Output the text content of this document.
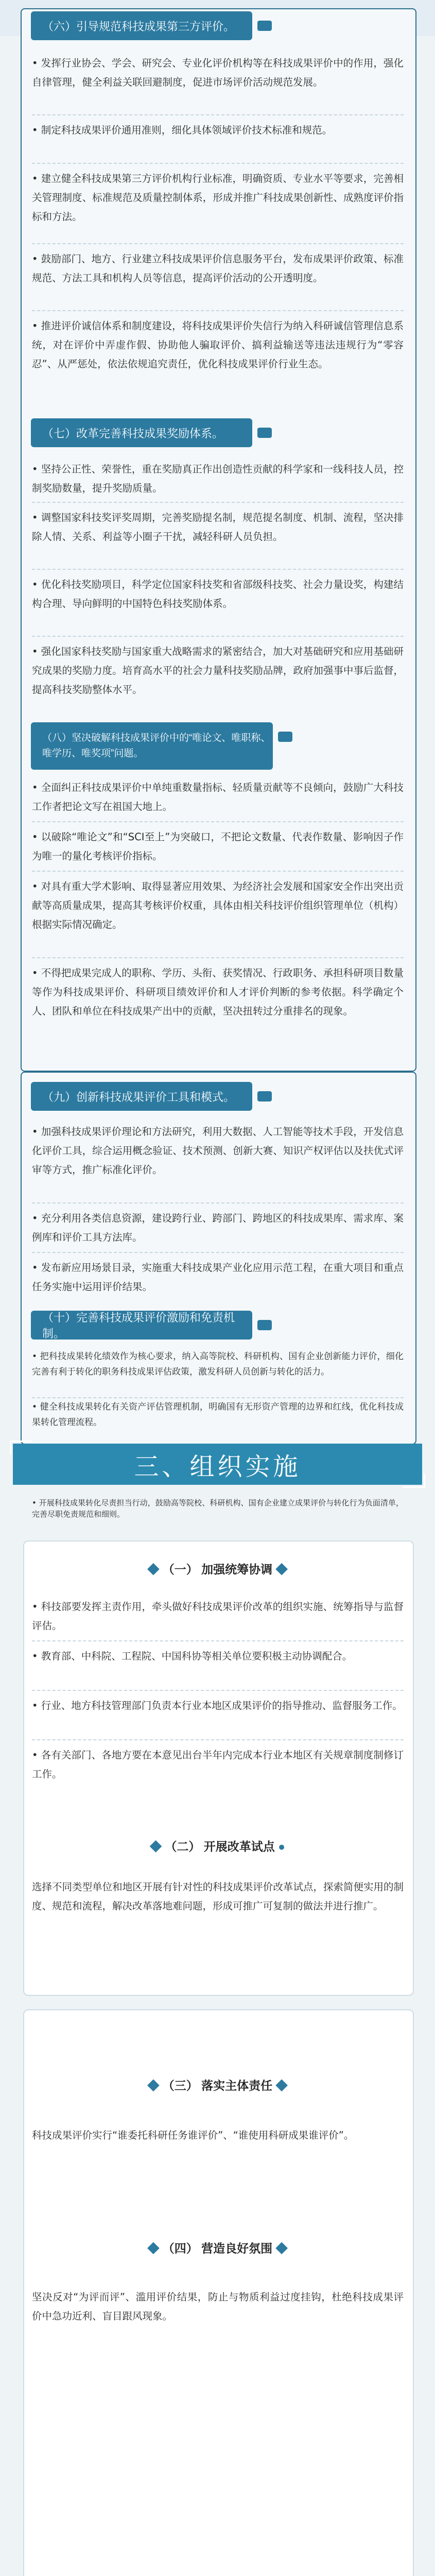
（六）引导规范科技成果第三方评价。
• 发挥行业协会、学会、研究会、专业化评价机构等在科技成果评价中的作用，强化自律管理，健全利益关联回避制度，促进市场评价活动规范发展。
• 制定科技成果评价通用准则，细化具体领域评价技术标准和规范。
• 建立健全科技成果第三方评价机构行业标准，明确资质、专业水平等要求，完善相关管理制度、标准规范及质量控制体系，形成并推广科技成果创新性、成熟度评价指标和方法。
• 鼓励部门、地方、行业建立科技成果评价信息服务平台，发布成果评价政策、标准规范、方法工具和机构人员等信息，提高评价活动的公开透明度。
• 推进评价诚信体系和制度建设，将科技成果评价失信行为纳入科研诚信管理信息系统，对在评价中弄虚作假、协助他人骗取评价、搞利益输送等违法违规行为“零容忍”、从严惩处，依法依规追究责任，优化科技成果评价行业生态。
（七）改革完善科技成果奖励体系。
• 坚持公正性、荣誉性，重在奖励真正作出创造性贡献的科学家和一线科技人员，控制奖励数量，提升奖励质量。
• 调整国家科技奖评奖周期，完善奖励提名制，规范提名制度、机制、流程，坚决排除人情、关系、利益等小圈子干扰，减轻科研人员负担。
• 优化科技奖励项目，科学定位国家科技奖和省部级科技奖、社会力量设奖，构建结构合理、导向鲜明的中国特色科技奖励体系。
• 强化国家科技奖励与国家重大战略需求的紧密结合，加大对基础研究和应用基础研究成果的奖励力度。培育高水平的社会力量科技奖励品牌，政府加强事中事后监督，提高科技奖励整体水平。
（八）坚决破解科技成果评价中的“唯论文、唯职称、唯学历、唯奖项”问题。
• 全面纠正科技成果评价中单纯重数量指标、轻质量贡献等不良倾向，鼓励广大科技工作者把论文写在祖国大地上。
• 以破除“唯论文”和“SCI至上”为突破口，不把论文数量、代表作数量、影响因子作为唯一的量化考核评价指标。
• 对具有重大学术影响、取得显著应用效果、为经济社会发展和国家安全作出突出贡献等高质量成果，提高其考核评价权重，具体由相关科技评价组织管理单位（机构）根据实际情况确定。
• 不得把成果完成人的职称、学历、头衔、获奖情况、行政职务、承担科研项目数量等作为科技成果评价、科研项目绩效评价和人才评价判断的参考依据。科学确定个人、团队和单位在科技成果产出中的贡献，坚决扭转过分重排名的现象。
（九）创新科技成果评价工具和模式。
• 加强科技成果评价理论和方法研究，利用大数据、人工智能等技术手段，开发信息化评价工具，综合运用概念验证、技术预测、创新大赛、知识产权评估以及扶优式评审等方式，推广标准化评价。
• 充分利用各类信息资源，建设跨行业、跨部门、跨地区的科技成果库、需求库、案例库和评价工具方法库。
• 发布新应用场景目录，实施重大科技成果产业化应用示范工程，在重大项目和重点任务实施中运用评价结果。
（十）完善科技成果评价激励和免责机制。
• 把科技成果转化绩效作为核心要求，纳入高等院校、科研机构、国有企业创新能力评价，细化完善有利于转化的职务科技成果评估政策，激发科研人员创新与转化的活力。
• 健全科技成果转化有关资产评估管理机制，明确国有无形资产管理的边界和红线，优化科技成果转化管理流程。
三、组织实施
• 开展科技成果转化尽责担当行动，鼓励高等院校、科研机构、国有企业建立成果评价与转化行为负面清单，完善尽职免责规范和细则。
◆ （一） 加强统筹协调 ◆
• 科技部要发挥主责作用，牵头做好科技成果评价改革的组织实施、统筹指导与监督评估。
• 教育部、中科院、工程院、中国科协等相关单位要积极主动协调配合。
• 行业、地方科技管理部门负责本行业本地区成果评价的指导推动、监督服务工作。
• 各有关部门、各地方要在本意见出台半年内完成本行业本地区有关规章制度制修订工作。
◆ （二） 开展改革试点 ●
选择不同类型单位和地区开展有针对性的科技成果评价改革试点，探索简便实用的制度、规范和流程，解决改革落地难问题，形成可推广可复制的做法并进行推广。
◆ （三） 落实主体责任 ◆
科技成果评价实行“谁委托科研任务谁评价”、“谁使用科研成果谁评价”。
◆ （四） 营造良好氛围 ◆
坚决反对“为评而评”、滥用评价结果，防止与物质利益过度挂钩，杜绝科技成果评价中急功近利、盲目跟风现象。
